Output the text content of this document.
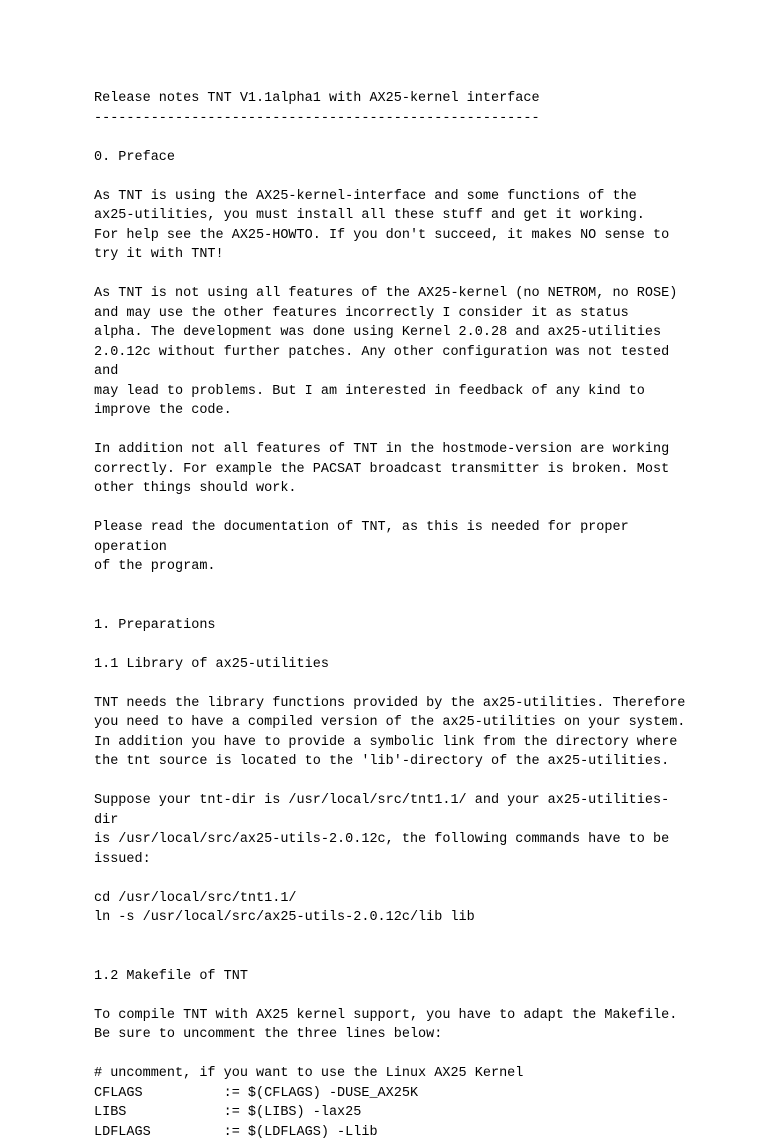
Release notes TNT V1.1alpha1 with AX25-kernel interface
-------------------------------------------------------
0. Preface
As TNT is using the AX25-kernel-interface and some functions of the
ax25-utilities, you must install all these stuff and get it working.
For help see the AX25-HOWTO. If you don't succeed, it makes NO sense to
try it with TNT!
As TNT is not using all features of the AX25-kernel (no NETROM, no ROSE)
and may use the other features incorrectly I consider it as status
alpha. The development was done using Kernel 2.0.28 and ax25-utilities
2.0.12c without further patches. Any other configuration was not tested
and
may lead to problems. But I am interested in feedback of any kind to
improve the code.
In addition not all features of TNT in the hostmode-version are working
correctly. For example the PACSAT broadcast transmitter is broken. Most
other things should work.
Please read the documentation of TNT, as this is needed for proper
operation
of the program.
1. Preparations
1.1 Library of ax25-utilities
TNT needs the library functions provided by the ax25-utilities. Therefore
you need to have a compiled version of the ax25-utilities on your system.
In addition you have to provide a symbolic link from the directory where
the tnt source is located to the 'lib'-directory of the ax25-utilities.
Suppose your tnt-dir is /usr/local/src/tnt1.1/ and your ax25-utilities-
dir
is /usr/local/src/ax25-utils-2.0.12c, the following commands have to be
issued:
cd /usr/local/src/tnt1.1/
ln -s /usr/local/src/ax25-utils-2.0.12c/lib lib
1.2 Makefile of TNT
To compile TNT with AX25 kernel support, you have to adapt the Makefile.
Be sure to uncomment the three lines below:
# uncomment, if you want to use the Linux AX25 Kernel
CFLAGS          := $(CFLAGS) -DUSE_AX25K
LIBS            := $(LIBS) -lax25
LDFLAGS         := $(LDFLAGS) -Llib
